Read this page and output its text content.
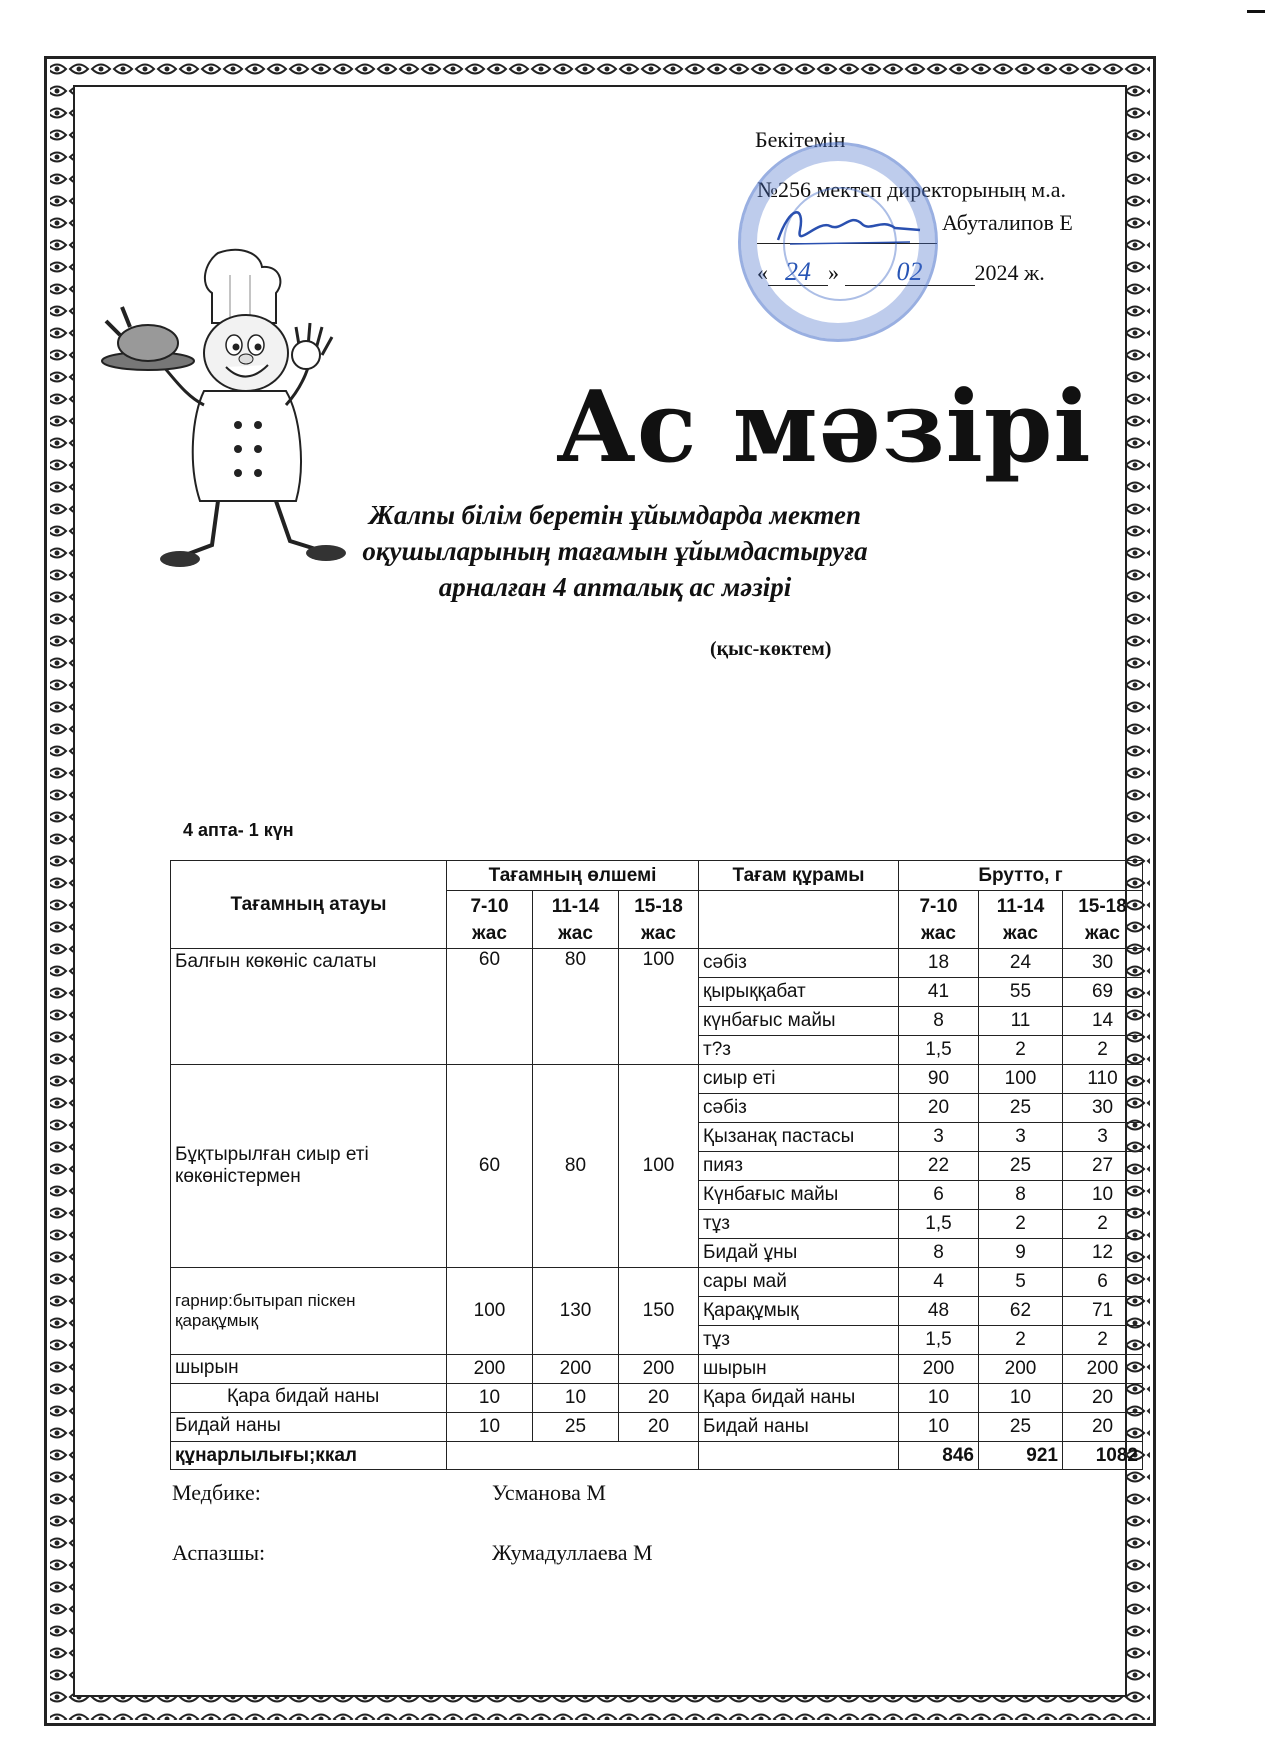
Бекітемін
№256 мектеп директорының м.а.
Абуталипов Е
« 24 » 02 2024 ж.
Ас мәзірі
Жалпы білім беретін ұйымдарда мектеп оқушыларының тағамын ұйымдастыруға арналған 4 апталық ас мәзірі
(қыс-көктем)
4 апта- 1 күн
Тағамның атауы	Тағамның өлшемі			Тағам құрамы	Брутто, г		
	7-10 жас	11-14 жас	15-18 жас		7-10 жас	11-14 жас	15-18 жас
Балғын көкөніс салаты	60	80	100	сәбіз	18	24	30
				қырыққабат	41	55	69
				күнбағыс майы	8	11	14
				т?з	1,5	2	2
Бұқтырылған сиыр еті көкөністермен	60	80	100	сиыр еті	90	100	110
				сәбіз	20	25	30
				Қызанақ пастасы	3	3	3
				пияз	22	25	27
				Күнбағыс майы	6	8	10
				тұз	1,5	2	2
				Бидай ұны	8	9	12
гарнир:бытырап піскен қарақұмық	100	130	150	сары май	4	5	6
				Қарақұмық	48	62	71
				тұз	1,5	2	2
шырын	200	200	200	шырын	200	200	200
Қара бидай наны	10	10	20	Қара бидай наны	10	10	20
Бидай наны	10	25	20	Бидай наны	10	25	20
құнарлылығы;ккал					846	921	1082
Медбике:	Усманова М
Аспазшы:	Жумадуллаева М
